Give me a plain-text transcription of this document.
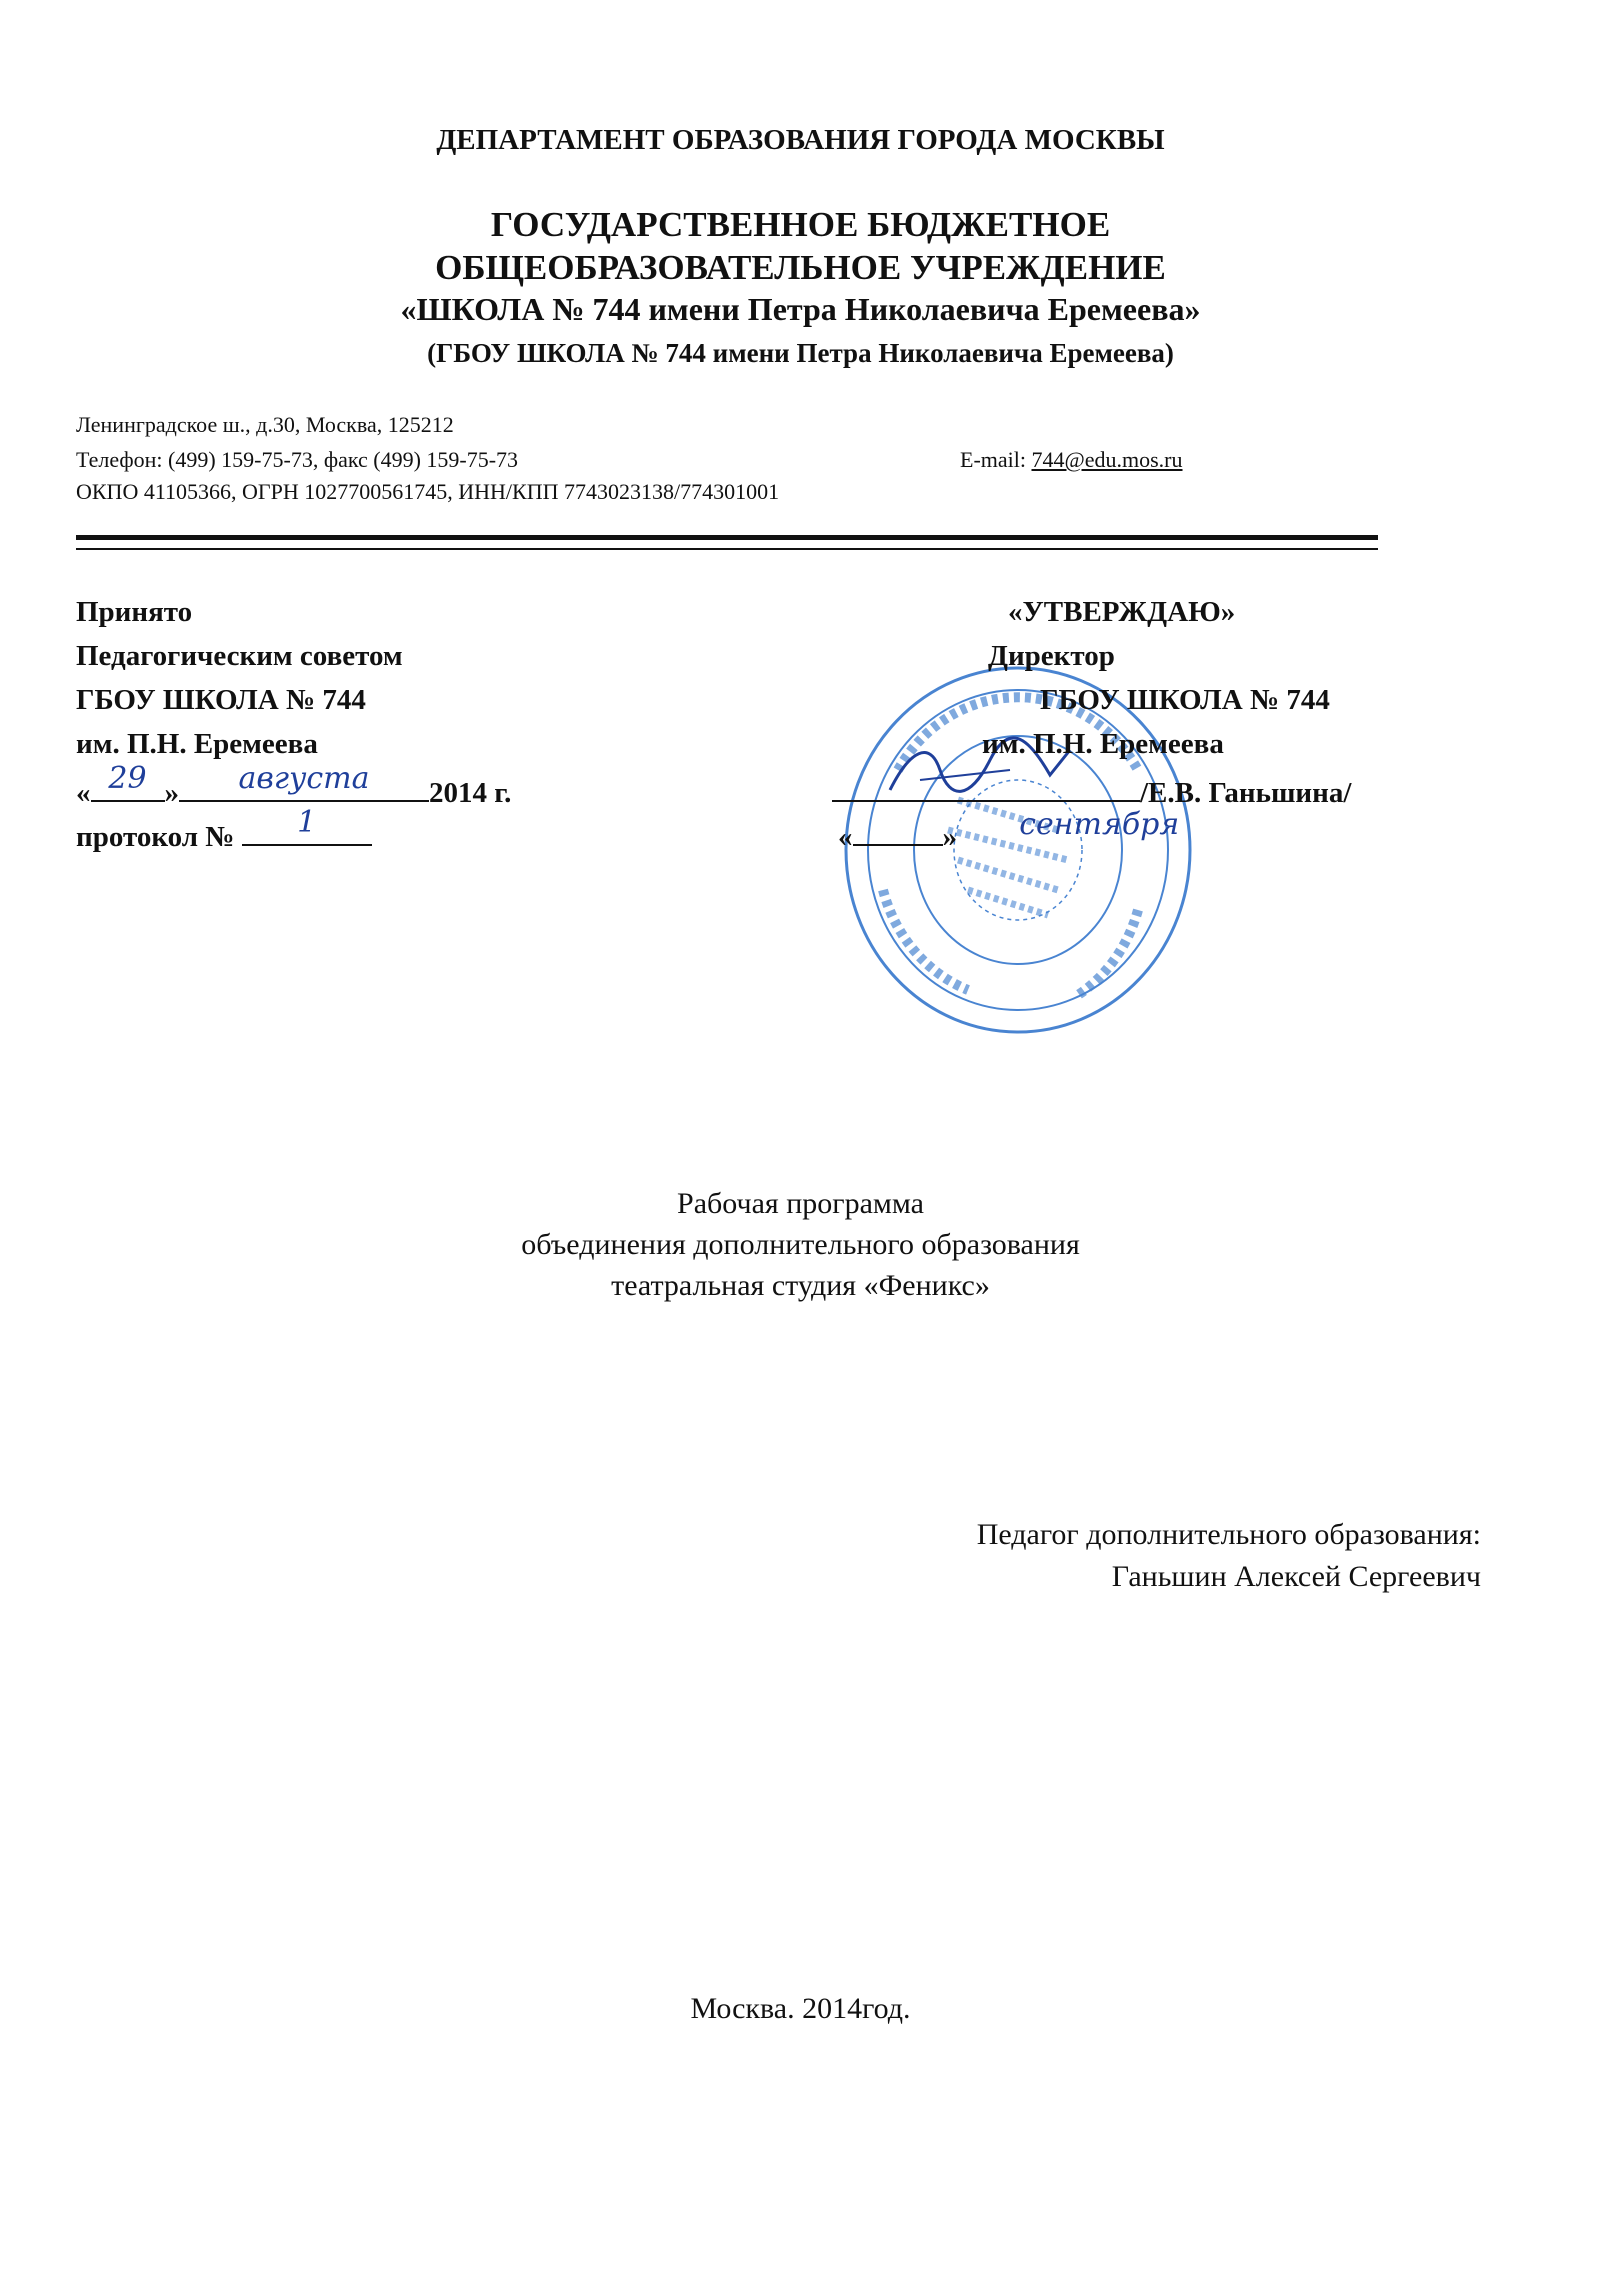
ДЕПАРТАМЕНТ ОБРАЗОВАНИЯ ГОРОДА МОСКВЫ
ГОСУДАРСТВЕННОЕ БЮДЖЕТНОЕ
ОБЩЕОБРАЗОВАТЕЛЬНОЕ УЧРЕЖДЕНИЕ
«ШКОЛА № 744 имени Петра Николаевича Еремеева»
(ГБОУ ШКОЛА № 744 имени Петра Николаевича Еремеева)
Ленинградское ш., д.30, Москва, 125212
Телефон: (499) 159-75-73, факс (499) 159-75-73	E-mail: 744@edu.mos.ru
ОКПО 41105366, ОГРН 1027700561745, ИНН/КПП 7743023138/774301001
Принято
Педагогическим советом
ГБОУ ШКОЛА № 744
им. П.Н. Еремеева
« 29 »	августа	2014 г.
протокол №	1
«УТВЕРЖДАЮ»
Директор
ГБОУ ШКОЛА № 744
им. П.Н. Еремеева
/Е.В. Ганьшина/
«	»	сентября
Рабочая программа
объединения дополнительного образования
театральная студия «Феникс»
Педагог дополнительного образования:
Ганьшин Алексей Сергеевич
Москва. 2014год.
